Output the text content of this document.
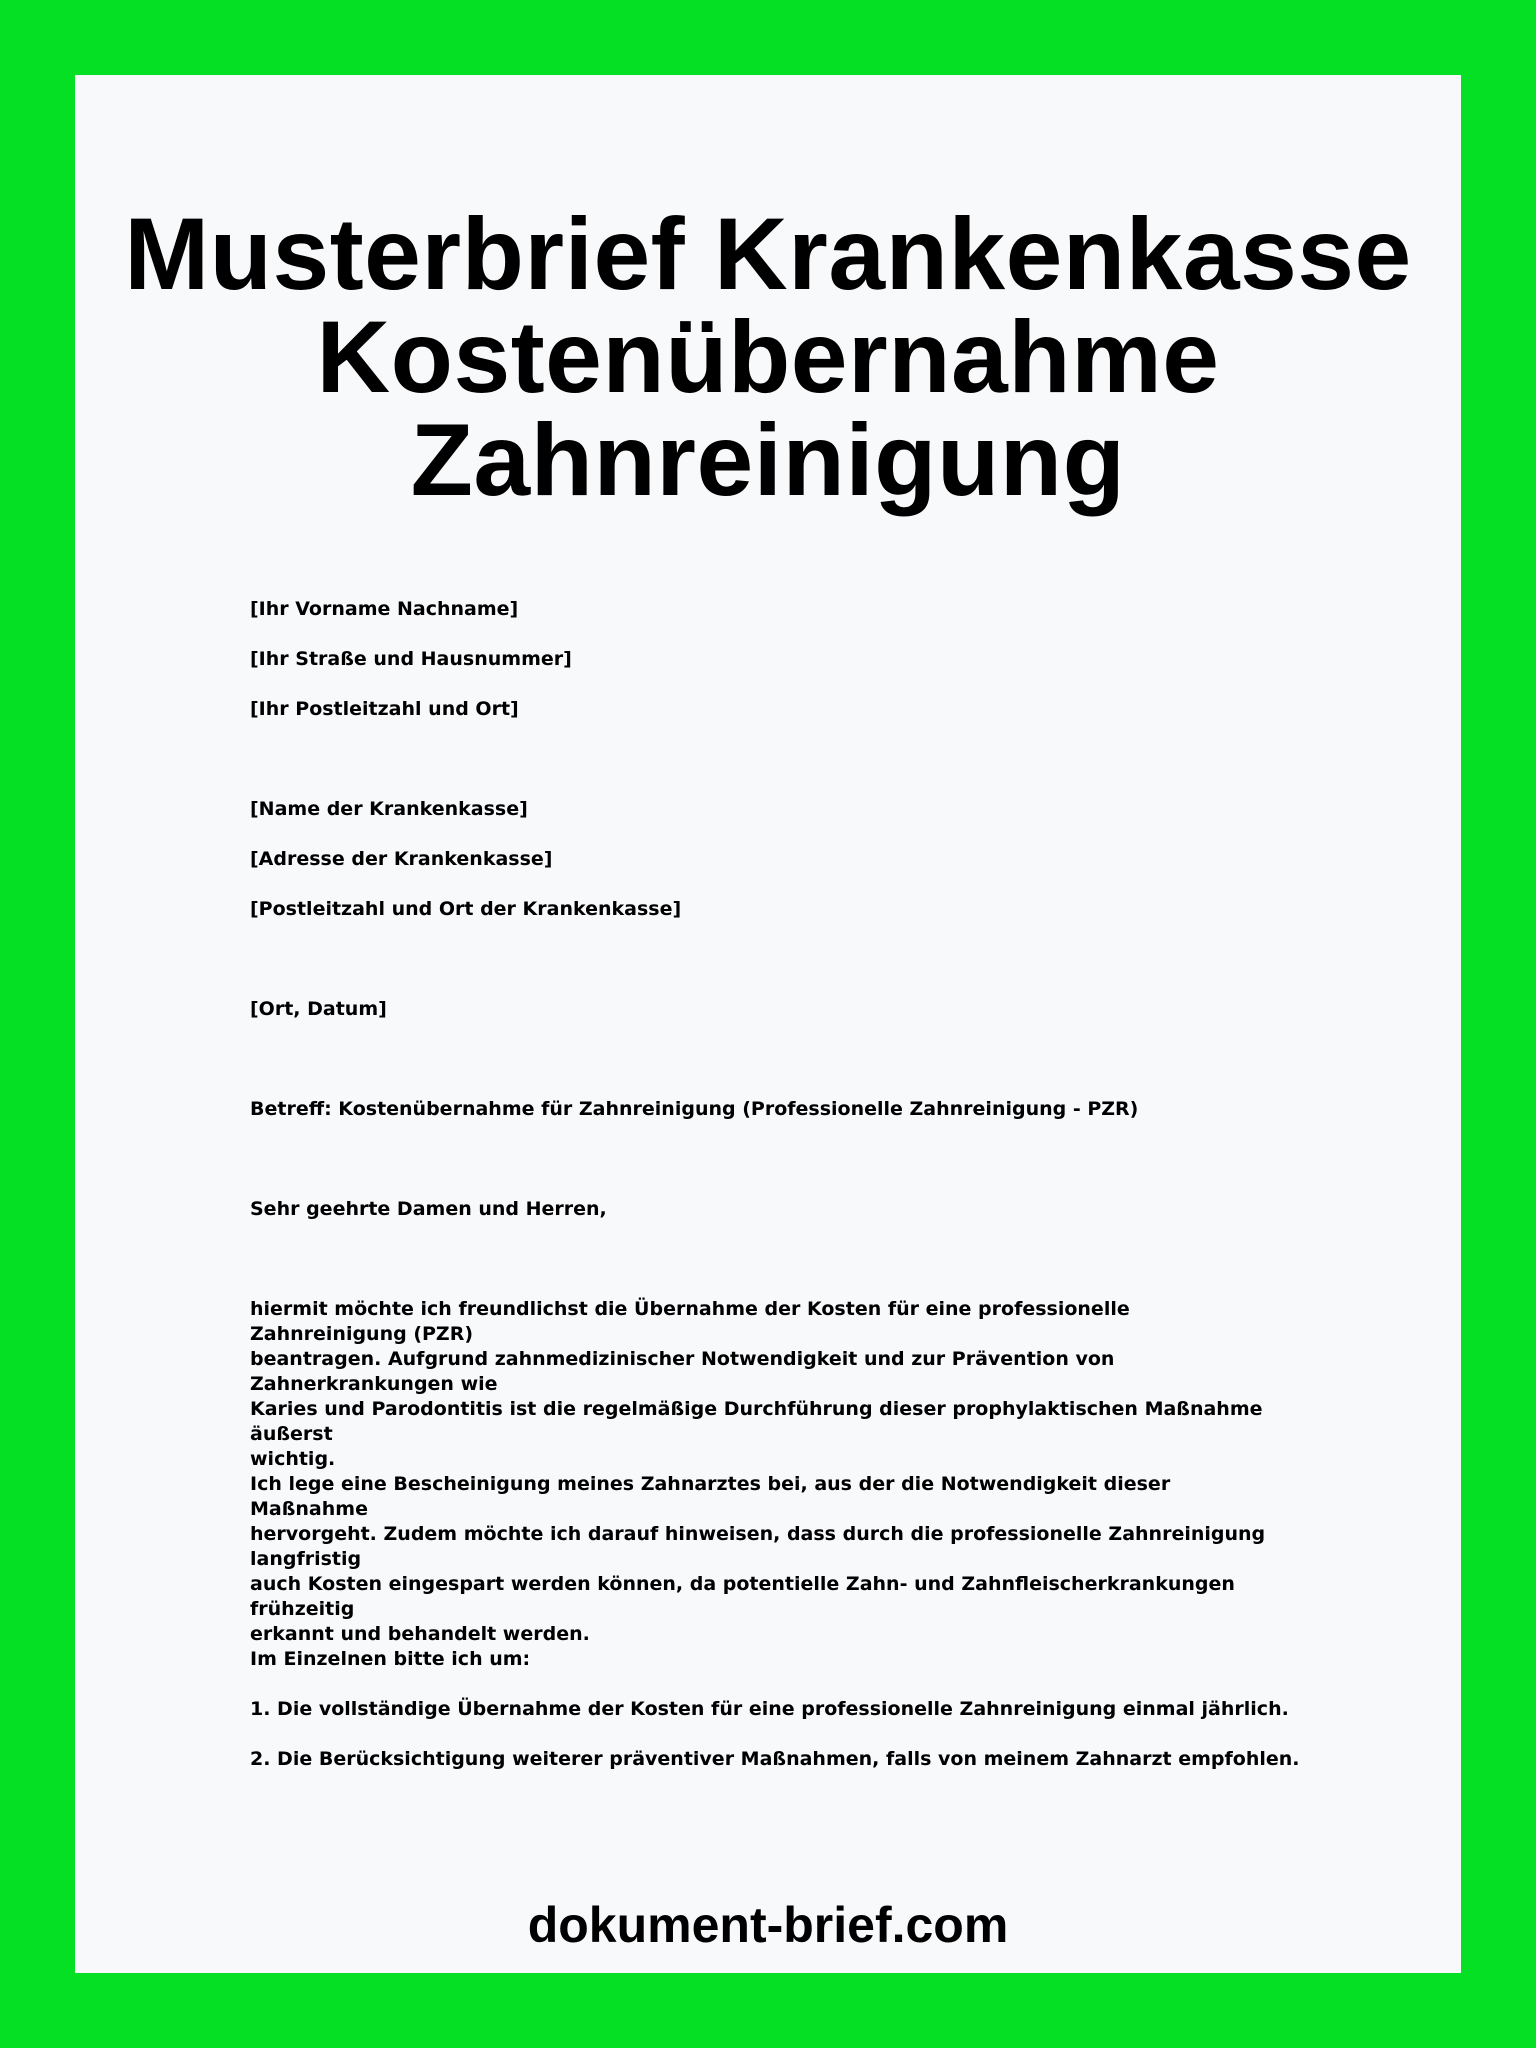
Musterbrief Krankenkasse
Kostenübernahme
Zahnreinigung
[Ihr Vorname Nachname]
[Ihr Straße und Hausnummer]
[Ihr Postleitzahl und Ort]
[Name der Krankenkasse]
[Adresse der Krankenkasse]
[Postleitzahl und Ort der Krankenkasse]
[Ort, Datum]
Betreff: Kostenübernahme für Zahnreinigung (Professionelle Zahnreinigung - PZR)
Sehr geehrte Damen und Herren,
hiermit möchte ich freundlichst die Übernahme der Kosten für eine professionelle Zahnreinigung (PZR)
beantragen. Aufgrund zahnmedizinischer Notwendigkeit und zur Prävention von Zahnerkrankungen wie
Karies und Parodontitis ist die regelmäßige Durchführung dieser prophylaktischen Maßnahme äußerst
wichtig.
Ich lege eine Bescheinigung meines Zahnarztes bei, aus der die Notwendigkeit dieser Maßnahme
hervorgeht. Zudem möchte ich darauf hinweisen, dass durch die professionelle Zahnreinigung langfristig
auch Kosten eingespart werden können, da potentielle Zahn- und Zahnfleischerkrankungen frühzeitig
erkannt und behandelt werden.
Im Einzelnen bitte ich um:
1. Die vollständige Übernahme der Kosten für eine professionelle Zahnreinigung einmal jährlich.
2. Die Berücksichtigung weiterer präventiver Maßnahmen, falls von meinem Zahnarzt empfohlen.
dokument-brief.com
